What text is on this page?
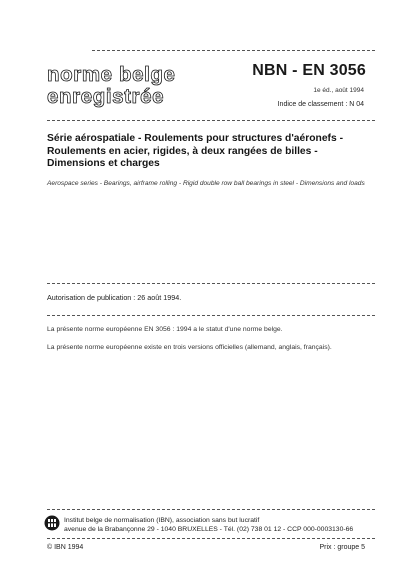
norme belge
enregistrée
NBN - EN 3056
1e éd., août 1994
Indice de classement : N 04
Série aérospatiale - Roulements pour structures d'aéronefs - Roulements en acier, rigides, à deux rangées de billes - Dimensions et charges
Aerospace series - Bearings, airframe rolling - Rigid double row ball bearings in steel - Dimensions and loads
Autorisation de publication : 26 août 1994.
La présente norme européenne EN 3056 : 1994 a le statut d'une norme belge.
La présente norme européenne existe en trois versions officielles (allemand, anglais, français).
Institut belge de normalisation (IBN), association sans but lucratif
avenue de la Brabançonne 29 - 1040 BRUXELLES - Tél. (02) 738 01 12 - CCP 000-0003130-66
© IBN 1994	Prix : groupe 5
